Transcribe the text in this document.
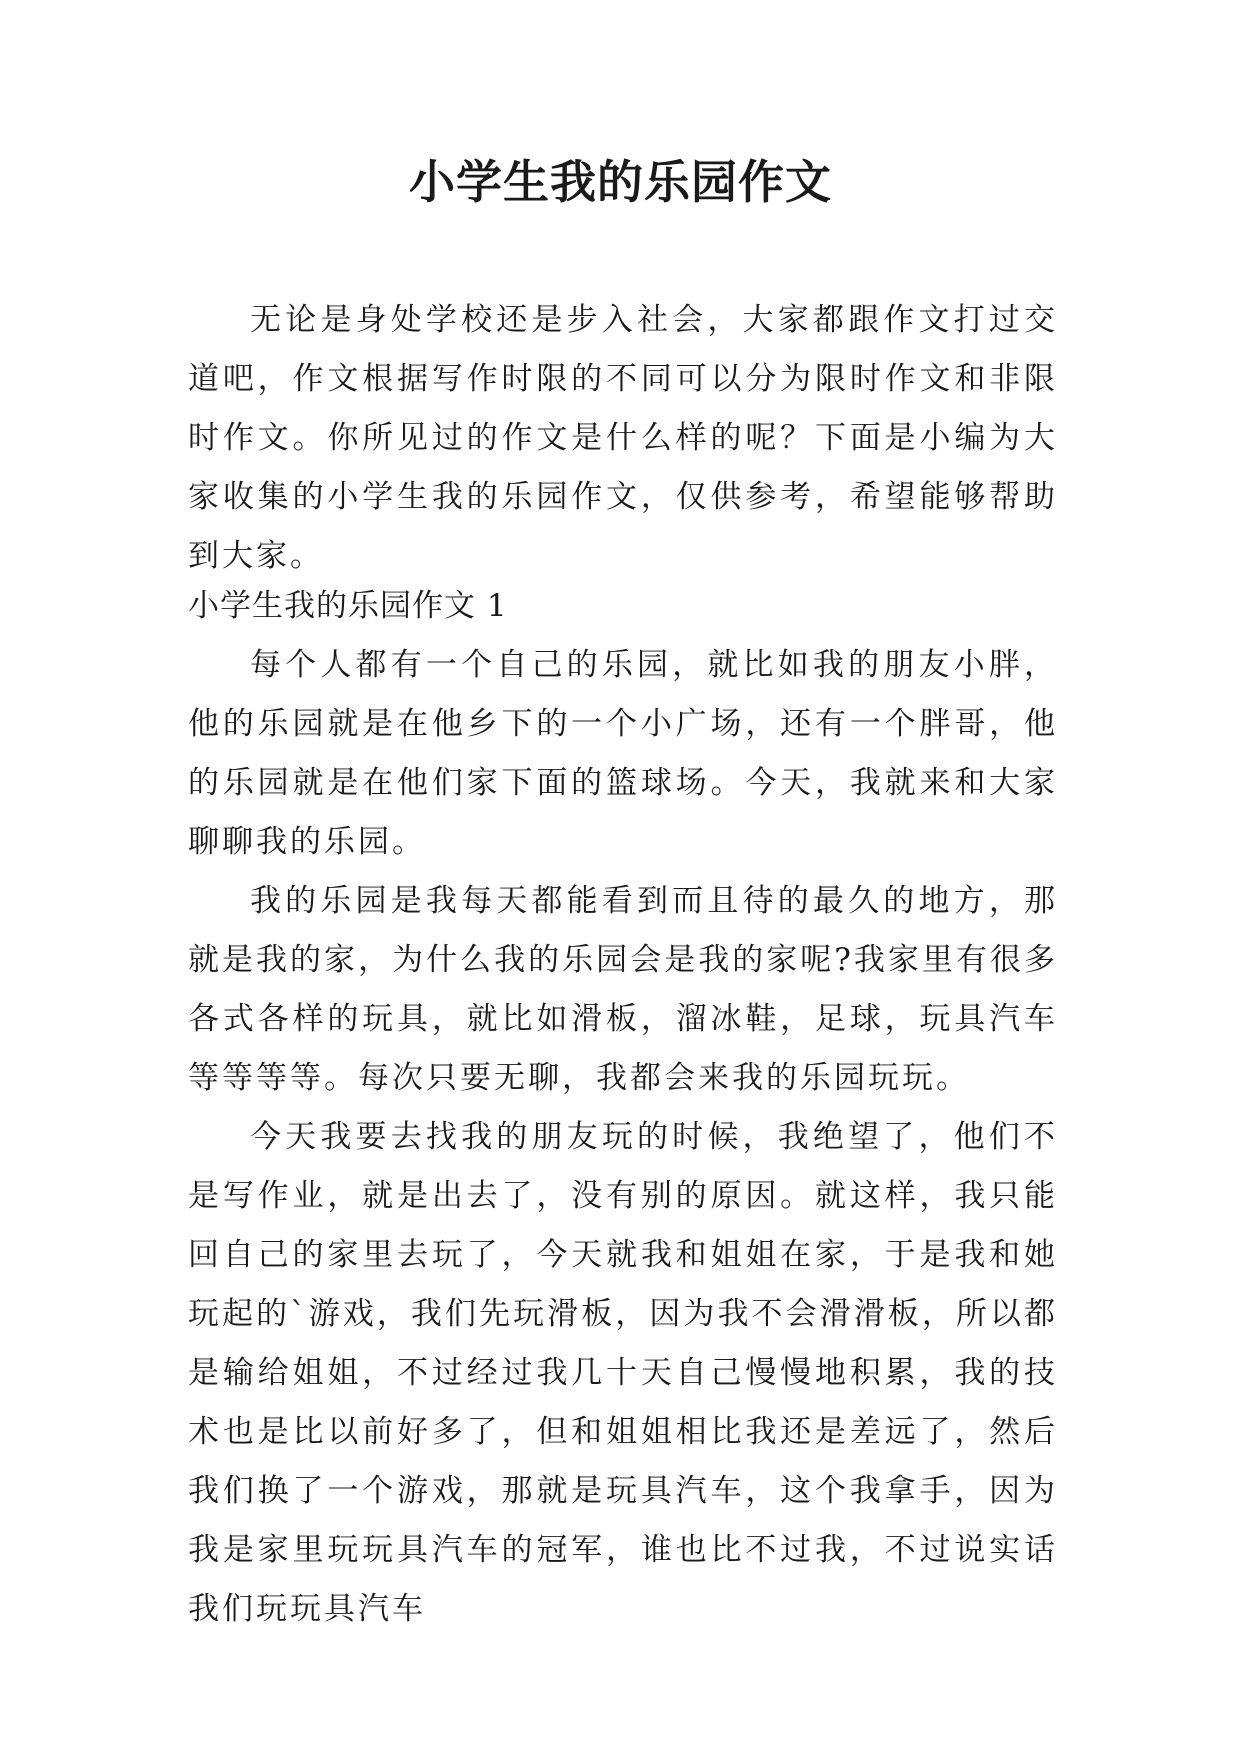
小学生我的乐园作文

无论是身处学校还是步入社会，大家都跟作文打过交道吧，作文根据写作时限的不同可以分为限时作文和非限时作文。你所见过的作文是什么样的呢？下面是小编为大家收集的小学生我的乐园作文，仅供参考，希望能够帮助到大家。

小学生我的乐园作文 1

每个人都有一个自己的乐园，就比如我的朋友小胖，他的乐园就是在他乡下的一个小广场，还有一个胖哥，他的乐园就是在他们家下面的篮球场。今天，我就来和大家聊聊我的乐园。

我的乐园是我每天都能看到而且待的最久的地方，那就是我的家，为什么我的乐园会是我的家呢?我家里有很多各式各样的玩具，就比如滑板，溜冰鞋，足球，玩具汽车等等等等。每次只要无聊，我都会来我的乐园玩玩。

今天我要去找我的朋友玩的时候，我绝望了，他们不是写作业，就是出去了，没有别的原因。就这样，我只能回自己的家里去玩了，今天就我和姐姐在家，于是我和她玩起的`游戏，我们先玩滑板，因为我不会滑滑板，所以都是输给姐姐，不过经过我几十天自己慢慢地积累，我的技术也是比以前好多了，但和姐姐相比我还是差远了，然后我们换了一个游戏，那就是玩具汽车，这个我拿手，因为我是家里玩玩具汽车的冠军，谁也比不过我，不过说实话我们玩玩具汽车
